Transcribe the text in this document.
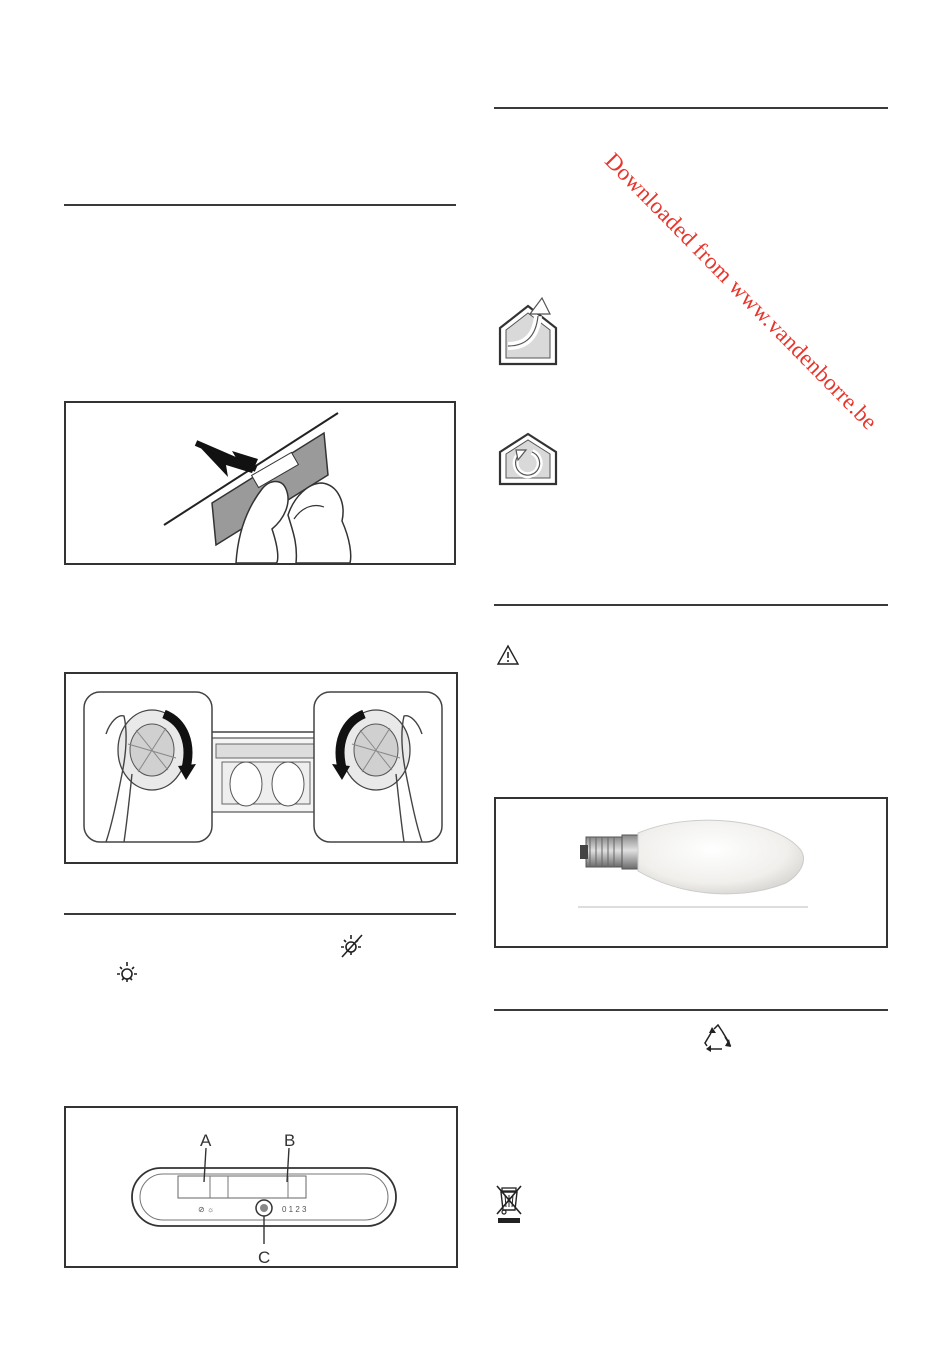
Downloaded from www.vandenborre.be
⊘ ☼	0 1 2 3
A	B
C
